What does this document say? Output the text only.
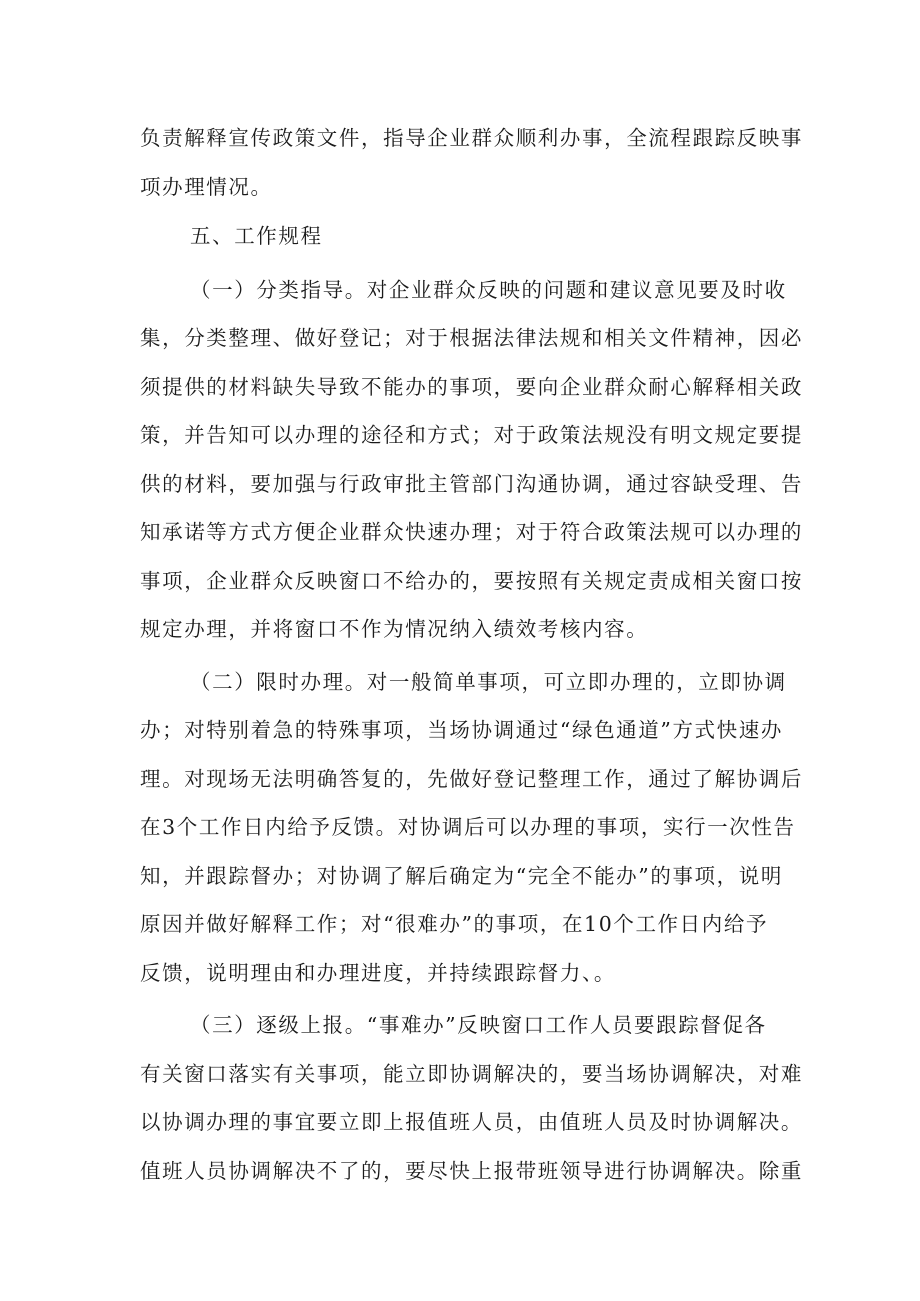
负责解释宣传政策文件，指导企业群众顺利办事，全流程跟踪反映事
项办理情况。

五、工作规程

（一）分类指导。对企业群众反映的问题和建议意见要及时收
集，分类整理、做好登记；对于根据法律法规和相关文件精神，因必
须提供的材料缺失导致不能办的事项，要向企业群众耐心解释相关政
策，并告知可以办理的途径和方式；对于政策法规没有明文规定要提
供的材料，要加强与行政审批主管部门沟通协调，通过容缺受理、告
知承诺等方式方便企业群众快速办理；对于符合政策法规可以办理的
事项，企业群众反映窗口不给办的，要按照有关规定责成相关窗口按
规定办理，并将窗口不作为情况纳入绩效考核内容。

（二）限时办理。对一般简单事项，可立即办理的，立即协调
办；对特别着急的特殊事项，当场协调通过“绿色通道”方式快速办
理。对现场无法明确答复的，先做好登记整理工作，通过了解协调后
在3个工作日内给予反馈。对协调后可以办理的事项，实行一次性告
知，并跟踪督办；对协调了解后确定为“完全不能办”的事项，说明
原因并做好解释工作；对“很难办”的事项，在10个工作日内给予
反馈，说明理由和办理进度，并持续跟踪督力、。

（三）逐级上报。“事难办”反映窗口工作人员要跟踪督促各
有关窗口落实有关事项，能立即协调解决的，要当场协调解决，对难
以协调办理的事宜要立即上报值班人员，由值班人员及时协调解决。
值班人员协调解决不了的，要尽快上报带班领导进行协调解决。除重
